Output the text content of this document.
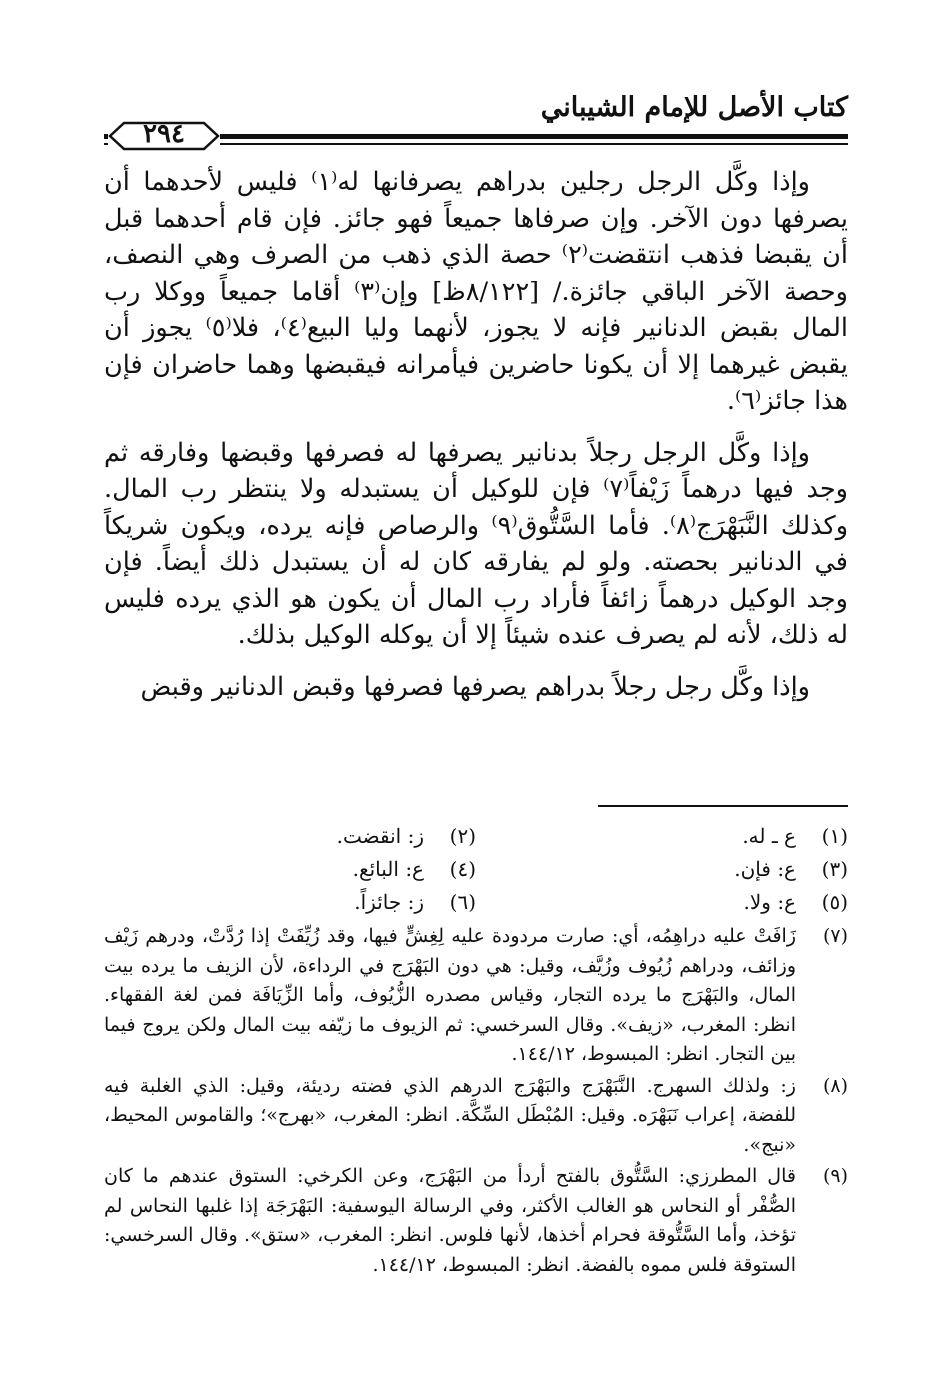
كتاب الأصل للإمام الشيباني
٢٩٤

وإذا وكَّل الرجل رجلين بدراهم يصرفانها له⁽١⁾ فليس لأحدهما أن يصرفها دون الآخر. وإن صرفاها جميعاً فهو جائز. فإن قام أحدهما قبل أن يقبضا فذهب انتقضت⁽٢⁾ حصة الذي ذهب من الصرف وهي النصف، وحصة الآخر الباقي جائزة./ [٨/١٢٢ظ] وإن⁽٣⁾ أقاما جميعاً ووكلا رب المال بقبض الدنانير فإنه لا يجوز، لأنهما وليا البيع⁽٤⁾، فلا⁽٥⁾ يجوز أن يقبض غيرهما إلا أن يكونا حاضرين فيأمرانه فيقبضها وهما حاضران فإن هذا جائز⁽٦⁾.

وإذا وكَّل الرجل رجلاً بدنانير يصرفها له فصرفها وقبضها وفارقه ثم وجد فيها درهماً زَيْفاً⁽٧⁾ فإن للوكيل أن يستبدله ولا ينتظر رب المال. وكذلك النَّبَهْرَج⁽٨⁾. فأما السَّتُّوق⁽٩⁾ والرصاص فإنه يرده، ويكون شريكاً في الدنانير بحصته. ولو لم يفارقه كان له أن يستبدل ذلك أيضاً. فإن وجد الوكيل درهماً زائفاً فأراد رب المال أن يكون هو الذي يرده فليس له ذلك، لأنه لم يصرف عنده شيئاً إلا أن يوكله الوكيل بذلك.

وإذا وكَّل رجل رجلاً بدراهم يصرفها فصرفها وقبض الدنانير وقبض

(١)
ع ـ له.
(٢)
ز: انقضت.
(٣)
ع: فإن.
(٤)
ع: البائع.
(٥)
ع: ولا.
(٦)
ز: جائزاً.
(٧)
زَافَتْ عليه دراهِمُه، أي: صارت مردودة عليه لِغِشٍّ فيها، وقد زُيِّفَتْ إذا رُدَّتْ، ودرهم زَيْف وزائف، ودراهم زُيُوف وزُيَّف، وقيل: هي دون البَهْرَج في الرداءة، لأن الزيف ما يرده بيت المال، والبَهْرَج ما يرده التجار، وقياس مصدره الزُّيُوف، وأما الزِّيَافَة فمن لغة الفقهاء. انظر: المغرب، «زيف». وقال السرخسي: ثم الزيوف ما زيّفه بيت المال ولكن يروج فيما بين التجار. انظر: المبسوط، ١٤٤/١٢.
(٨)
ز: ولذلك السهرج. النَّبَهْرَج والبَهْرَج الدرهم الذي فضته رديئة، وقيل: الذي الغلبة فيه للفضة، إعراب نَبَهْرَه. وقيل: المُبْطَل السِّكَّة. انظر: المغرب، «بهرج»؛ والقاموس المحيط، «نبج».
(٩)
قال المطرزي: السَّتُّوق بالفتح أردأ من البَهْرَج، وعن الكرخي: الستوق عندهم ما كان الصُّفْر أو النحاس هو الغالب الأكثر، وفي الرسالة اليوسفية: البَهْرَجَة إذا غلبها النحاس لم تؤخذ، وأما السَّتُّوقة فحرام أخذها، لأنها فلوس. انظر: المغرب، «ستق». وقال السرخسي: الستوقة فلس مموه بالفضة. انظر: المبسوط، ١٤٤/١٢.
